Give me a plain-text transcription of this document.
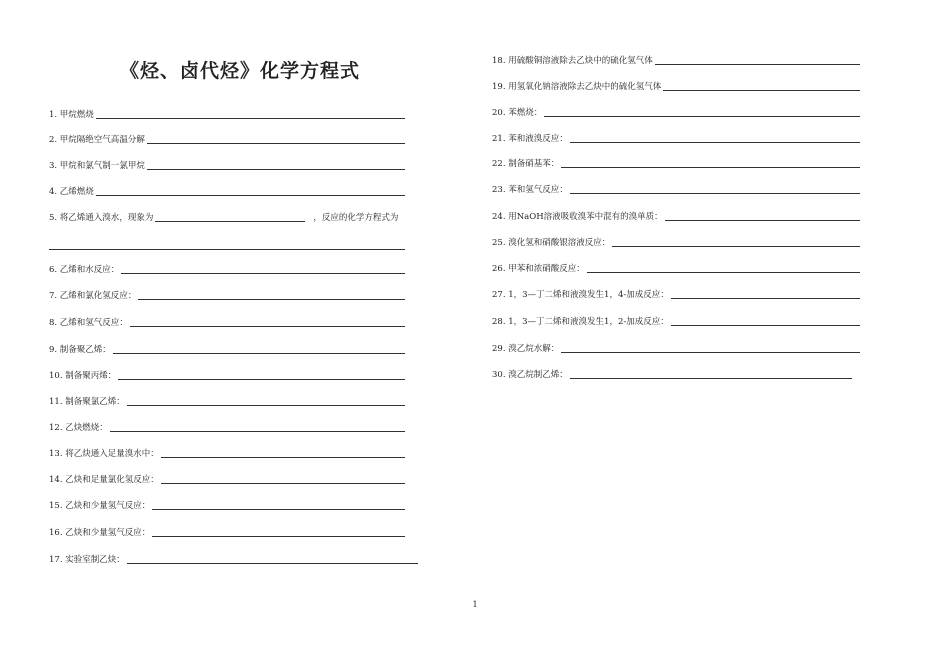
《烃、卤代烃》化学方程式
1. 甲烷燃烧
2. 甲烷隔绝空气高温分解
3. 甲烷和氯气制一氯甲烷
4. 乙烯燃烧
5. 将乙烯通入溴水，现象为	，反应的化学方程式为
6. 乙烯和水反应：
7. 乙烯和氯化氢反应：
8. 乙烯和氢气反应：
9. 制备聚乙烯：
10. 制备聚丙烯：
11. 制备聚氯乙烯：
12. 乙炔燃烧：
13. 将乙炔通入足量溴水中：
14. 乙炔和足量氯化氢反应：
15. 乙炔和少量氢气反应：
16. 乙炔和少量氢气反应：
17. 实验室制乙炔：
18. 用硫酸铜溶液除去乙炔中的硫化氢气体
19. 用氢氧化钠溶液除去乙炔中的硫化氢气体
20. 苯燃烧：
21. 苯和液溴反应：
22. 制备硝基苯：
23. 苯和氢气反应：
24. 用NaOH溶液吸收溴苯中混有的溴单质：
25. 溴化氢和硝酸银溶液反应：
26. 甲苯和浓硝酸反应：
27. 1，3—丁二烯和液溴发生1，4-加成反应：
28. 1，3—丁二烯和液溴发生1，2-加成反应：
29. 溴乙烷水解：
30. 溴乙烷制乙烯：
1
